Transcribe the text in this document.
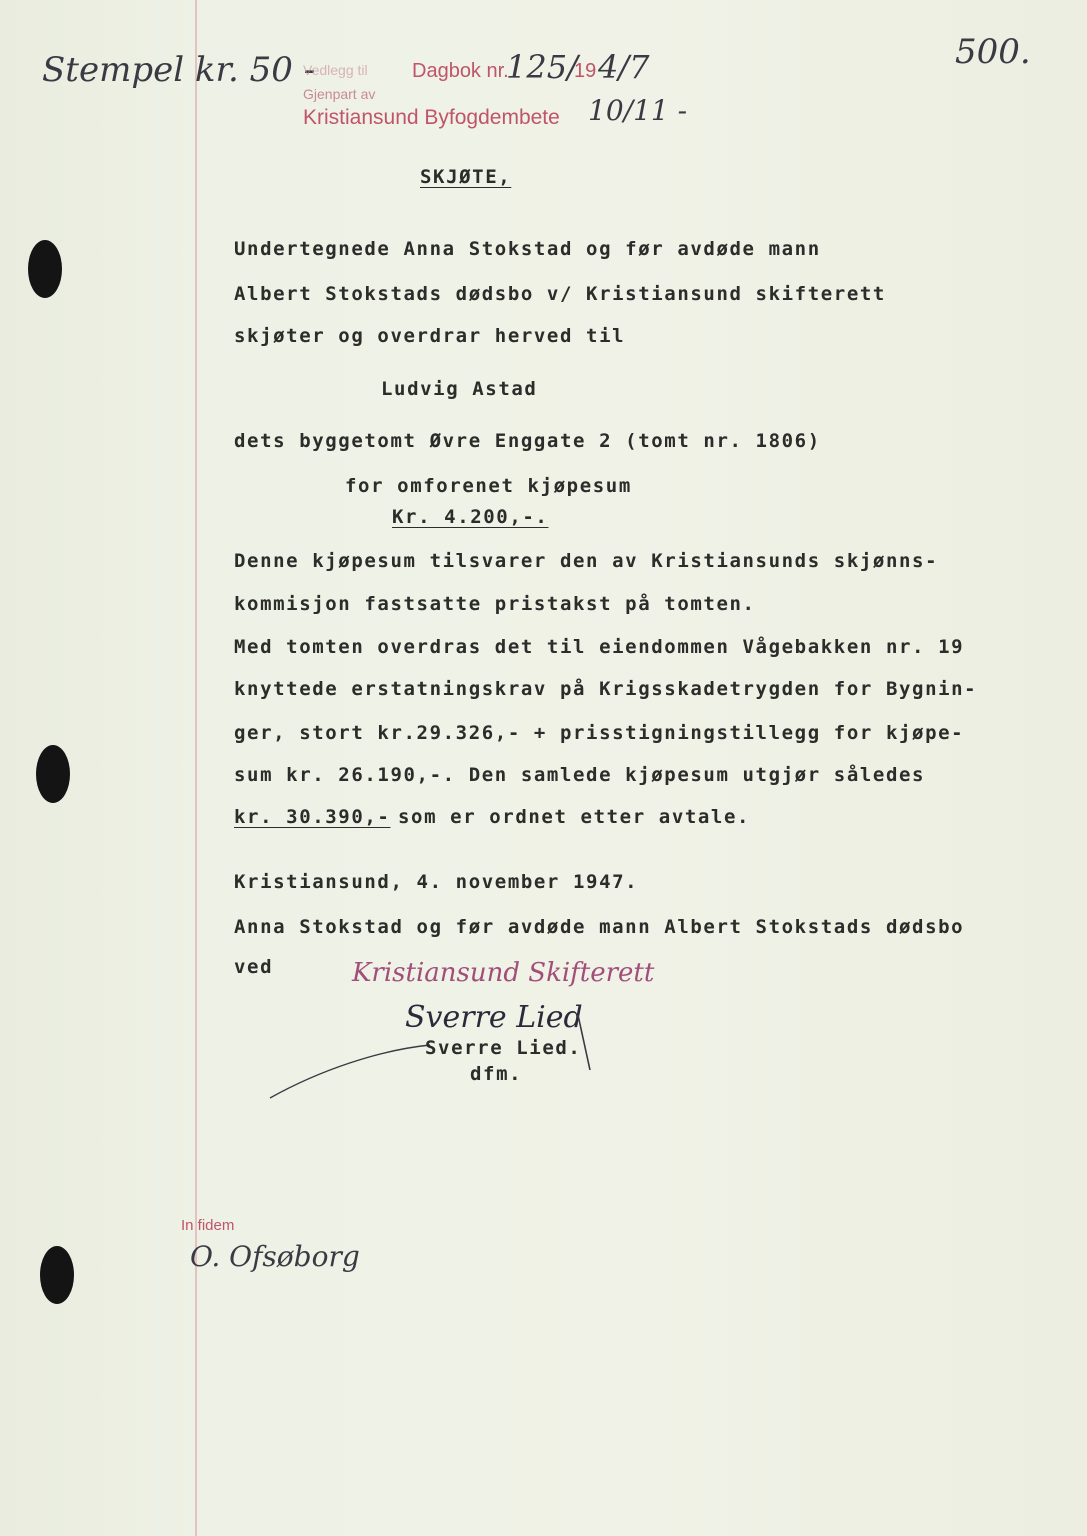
Stempel kr. 50 -
Vedlegg til Dagbok nr.
125/
19 4/7
Gjenpart av
Kristiansund Byfogdembete 10/11 -
500.
SKJØTE,
Undertegnede Anna Stokstad og før avdøde mann
Albert Stokstads dødsbo v/ Kristiansund skifterett
skjøter og overdrar herved til
Ludvig Astad
dets byggetomt Øvre Enggate 2 (tomt nr. 1806)
for omforenet kjøpesum
Kr. 4.200,-.
Denne kjøpesum tilsvarer den av Kristiansunds skjønns-
kommisjon fastsatte pristakst på tomten.
Med tomten overdras det til eiendommen Vågebakken nr. 19
knyttede erstatningskrav på Krigsskadetrygden for Bygnin-
ger, stort kr.29.326,- + prisstigningstillegg for kjøpe-
sum kr. 26.190,-. Den samlede kjøpesum utgjør således
kr. 30.390,- som er ordnet etter avtale.
Kristiansund, 4. november 1947.
Anna Stokstad og før avdøde mann Albert Stokstads dødsbo
ved	Kristiansund Skifterett
Sverre Lied
Sverre Lied.
dfm.
In fidem
O. Ofsøborg
